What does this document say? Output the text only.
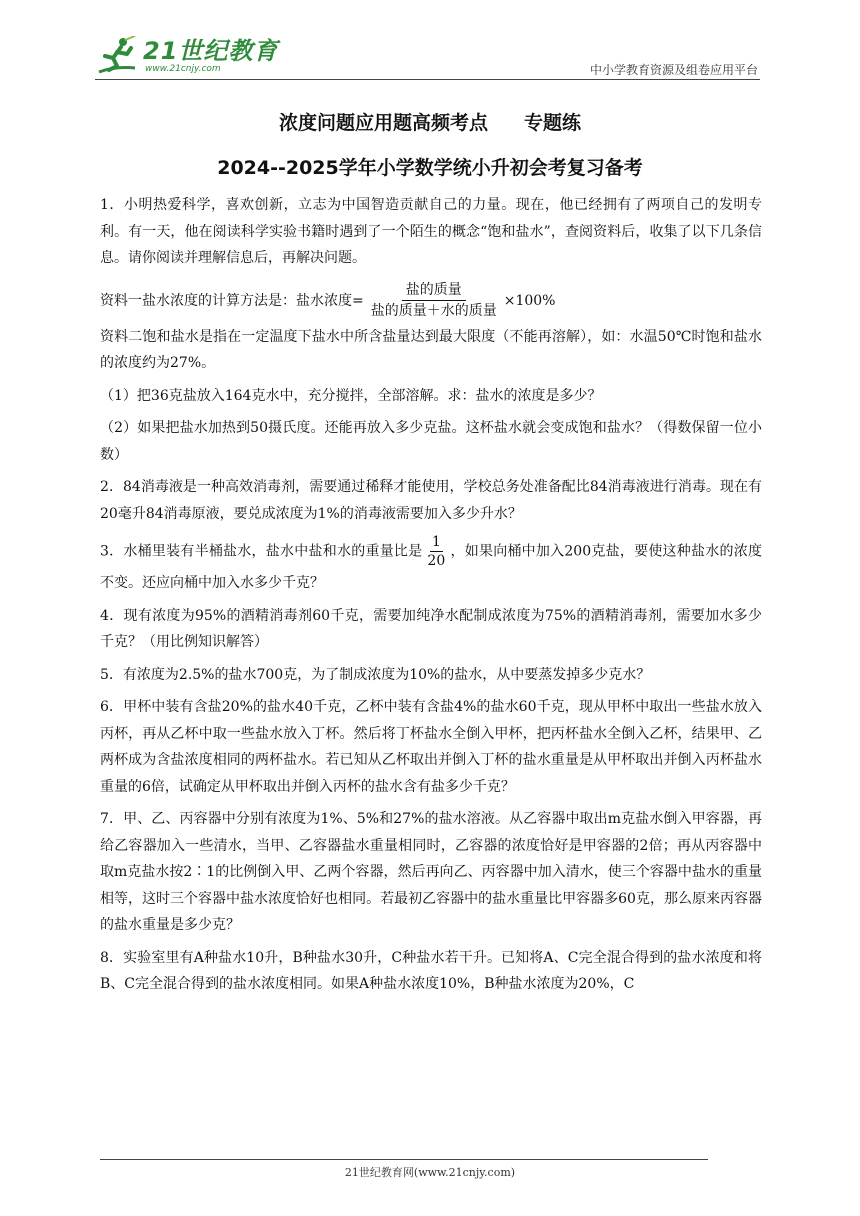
21世纪教育
www.21cnjy.com	中小学教育资源及组卷应用平台
浓度问题应用题高频考点 专题练
2024--2025学年小学数学统小升初会考复习备考

1．小明热爱科学，喜欢创新，立志为中国智造贡献自己的力量。现在，他已经拥有了两项自己的发明专利。有一天，他在阅读科学实验书籍时遇到了一个陌生的概念“饱和盐水”，查阅资料后，收集了以下几条信息。请你阅读并理解信息后，再解决问题。

资料一盐水浓度的计算方法是：盐水浓度= $\frac{\text{盐的质量}}{\text{盐的质量＋水的质量}} \times 100\%$

资料二饱和盐水是指在一定温度下盐水中所含盐量达到最大限度（不能再溶解），如：水温50℃时饱和盐水的浓度约为27%。

（1）把36克盐放入164克水中，充分搅拌，全部溶解。求：盐水的浓度是多少？

（2）如果把盐水加热到50摄氏度。还能再放入多少克盐。这杯盐水就会变成饱和盐水？（得数保留一位小数）

2．84消毒液是一种高效消毒剂，需要通过稀释才能使用，学校总务处准备配比84消毒液进行消毒。现在有20毫升84消毒原液，要兑成浓度为1%的消毒液需要加入多少升水？

3．水桶里装有半桶盐水，盐水中盐和水的重量比是 $\frac{1}{20}$ ，如果向桶中加入200克盐，要使这种盐水的浓度不变。还应向桶中加入水多少千克？

4．现有浓度为95%的酒精消毒剂60千克，需要加纯净水配制成浓度为75%的酒精消毒剂，需要加水多少千克？（用比例知识解答）

5．有浓度为2.5%的盐水700克，为了制成浓度为10%的盐水，从中要蒸发掉多少克水？

6．甲杯中装有含盐20%的盐水40千克，乙杯中装有含盐4%的盐水60千克，现从甲杯中取出一些盐水放入丙杯，再从乙杯中取一些盐水放入丁杯。然后将丁杯盐水全倒入甲杯，把丙杯盐水全倒入乙杯，结果甲、乙两杯成为含盐浓度相同的两杯盐水。若已知从乙杯取出并倒入丁杯的盐水重量是从甲杯取出并倒入丙杯盐水重量的6倍，试确定从甲杯取出并倒入丙杯的盐水含有盐多少千克？

7．甲、乙、丙容器中分别有浓度为1%、5%和27%的盐水溶液。从乙容器中取出m克盐水倒入甲容器，再给乙容器加入一些清水，当甲、乙容器盐水重量相同时，乙容器的浓度恰好是甲容器的2倍；再从丙容器中取m克盐水按2∶1的比例倒入甲、乙两个容器，然后再向乙、丙容器中加入清水，使三个容器中盐水的重量相等，这时三个容器中盐水浓度恰好也相同。若最初乙容器中的盐水重量比甲容器多60克，那么原来丙容器的盐水重量是多少克？

8．实验室里有A种盐水10升，B种盐水30升，C种盐水若干升。已知将A、C完全混合得到的盐水浓度和将B、C完全混合得到的盐水浓度相同。如果A种盐水浓度10%，B种盐水浓度为20%，C

21世纪教育网(www.21cnjy.com)
